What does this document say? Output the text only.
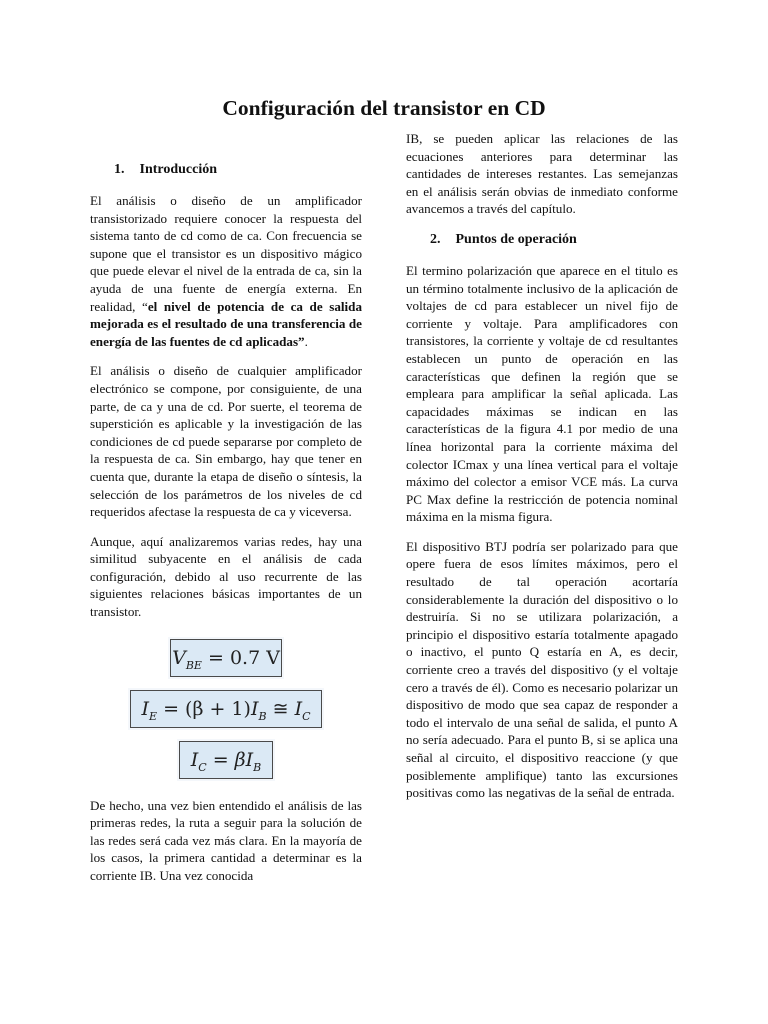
Configuración del transistor en CD
1. Introducción

El análisis o diseño de un amplificador transistorizado requiere conocer la respuesta del sistema tanto de cd como de ca. Con frecuencia se supone que el transistor es un dispositivo mágico que puede elevar el nivel de la entrada de ca, sin la ayuda de una fuente de energía externa. En realidad, “el nivel de potencia de ca de salida mejorada es el resultado de una transferencia de energía de las fuentes de cd aplicadas”.

El análisis o diseño de cualquier amplificador electrónico se compone, por consiguiente, de una parte, de ca y una de cd. Por suerte, el teorema de superstición es aplicable y la investigación de las condiciones de cd puede separarse por completo de la respuesta de ca. Sin embargo, hay que tener en cuenta que, durante la etapa de diseño o síntesis, la selección de los parámetros de los niveles de cd requeridos afectase la respuesta de ca y viceversa.

Aunque, aquí analizaremos varias redes, hay una similitud subyacente en el análisis de cada configuración, debido al uso recurrente de las siguientes relaciones básicas importantes de un transistor.

$V_{BE} = 0.7$ V
$I_E = (\beta + 1)I_B$ ≅ $I_C$
$I_C = \beta I_B$

De hecho, una vez bien entendido el análisis de las primeras redes, la ruta a seguir para la solución de las redes será cada vez más clara. En la mayoría de los casos, la primera cantidad a determinar es la corriente IB. Una vez conocida

IB, se pueden aplicar las relaciones de las ecuaciones anteriores para determinar las cantidades de intereses restantes. Las semejanzas en el análisis serán obvias de inmediato conforme avancemos a través del capítulo.

2. Puntos de operación

El termino polarización que aparece en el titulo es un término totalmente inclusivo de la aplicación de voltajes de cd para establecer un nivel fijo de corriente y voltaje. Para amplificadores con transistores, la corriente y voltaje de cd resultantes establecen un punto de operación en las características que definen la región que se empleara para amplificar la señal aplicada. Las capacidades máximas se indican en las características de la figura 4.1 por medio de una línea horizontal para la corriente máxima del colector ICmax y una línea vertical para el voltaje máximo del colector a emisor VCE más. La curva PC Max define la restricción de potencia nominal máxima en la misma figura.

El dispositivo BTJ podría ser polarizado para que opere fuera de esos límites máximos, pero el resultado de tal operación acortaría considerablemente la duración del dispositivo o lo destruiría. Si no se utilizara polarización, a principio el dispositivo estaría totalmente apagado o inactivo, el punto Q estaría en A, es decir, corriente creo a través del dispositivo (y el voltaje cero a través de él). Como es necesario polarizar un dispositivo de modo que sea capaz de responder a todo el intervalo de una señal de salida, el punto A no sería adecuado. Para el punto B, si se aplica una señal al circuito, el dispositivo reaccione (y que posiblemente amplifique) tanto las excursiones positivas como las negativas de la señal de entrada.
